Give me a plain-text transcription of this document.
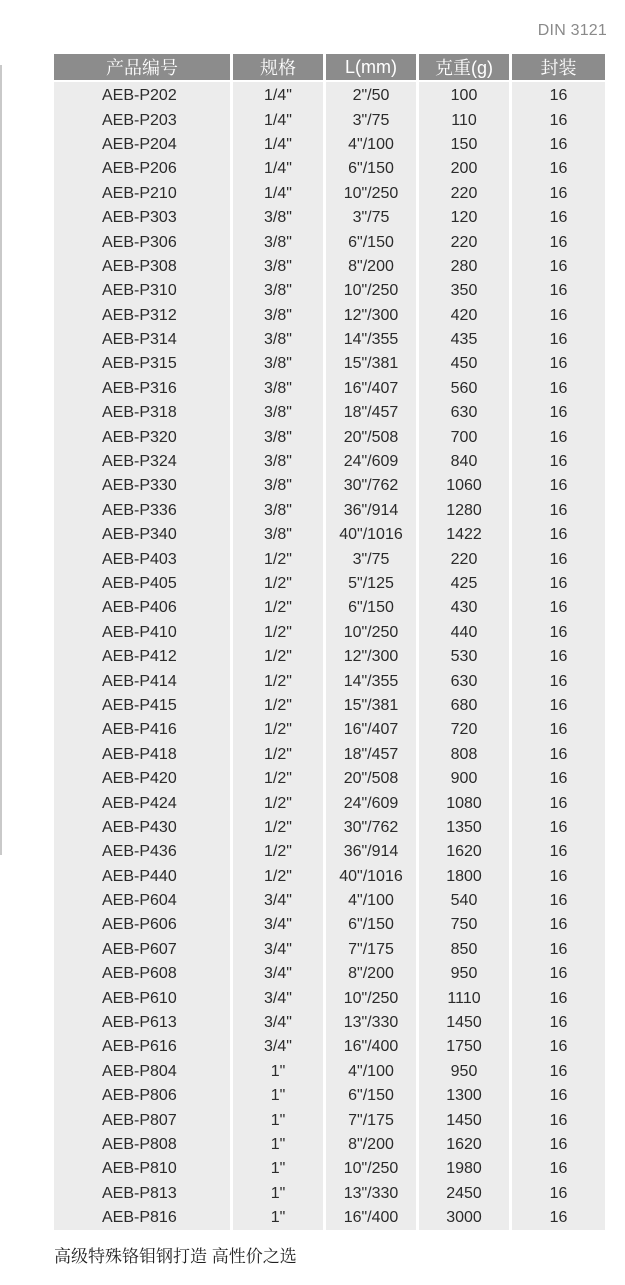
DIN 3121
产品编号	规格	L(mm)	克重(g)	封装
AEB-P202	1/4"	2"/50	100	16
AEB-P203	1/4"	3"/75	110	16
AEB-P204	1/4"	4"/100	150	16
AEB-P206	1/4"	6"/150	200	16
AEB-P210	1/4"	10"/250	220	16
AEB-P303	3/8"	3"/75	120	16
AEB-P306	3/8"	6"/150	220	16
AEB-P308	3/8"	8"/200	280	16
AEB-P310	3/8"	10"/250	350	16
AEB-P312	3/8"	12"/300	420	16
AEB-P314	3/8"	14"/355	435	16
AEB-P315	3/8"	15"/381	450	16
AEB-P316	3/8"	16"/407	560	16
AEB-P318	3/8"	18"/457	630	16
AEB-P320	3/8"	20"/508	700	16
AEB-P324	3/8"	24"/609	840	16
AEB-P330	3/8"	30"/762	1060	16
AEB-P336	3/8"	36"/914	1280	16
AEB-P340	3/8"	40"/1016	1422	16
AEB-P403	1/2"	3"/75	220	16
AEB-P405	1/2"	5"/125	425	16
AEB-P406	1/2"	6"/150	430	16
AEB-P410	1/2"	10"/250	440	16
AEB-P412	1/2"	12"/300	530	16
AEB-P414	1/2"	14"/355	630	16
AEB-P415	1/2"	15"/381	680	16
AEB-P416	1/2"	16"/407	720	16
AEB-P418	1/2"	18"/457	808	16
AEB-P420	1/2"	20"/508	900	16
AEB-P424	1/2"	24"/609	1080	16
AEB-P430	1/2"	30"/762	1350	16
AEB-P436	1/2"	36"/914	1620	16
AEB-P440	1/2"	40"/1016	1800	16
AEB-P604	3/4"	4"/100	540	16
AEB-P606	3/4"	6"/150	750	16
AEB-P607	3/4"	7"/175	850	16
AEB-P608	3/4"	8"/200	950	16
AEB-P610	3/4"	10"/250	1110	16
AEB-P613	3/4"	13"/330	1450	16
AEB-P616	3/4"	16"/400	1750	16
AEB-P804	1"	4"/100	950	16
AEB-P806	1"	6"/150	1300	16
AEB-P807	1"	7"/175	1450	16
AEB-P808	1"	8"/200	1620	16
AEB-P810	1"	10"/250	1980	16
AEB-P813	1"	13"/330	2450	16
AEB-P816	1"	16"/400	3000	16
高级特殊铬钼钢打造 高性价之选
